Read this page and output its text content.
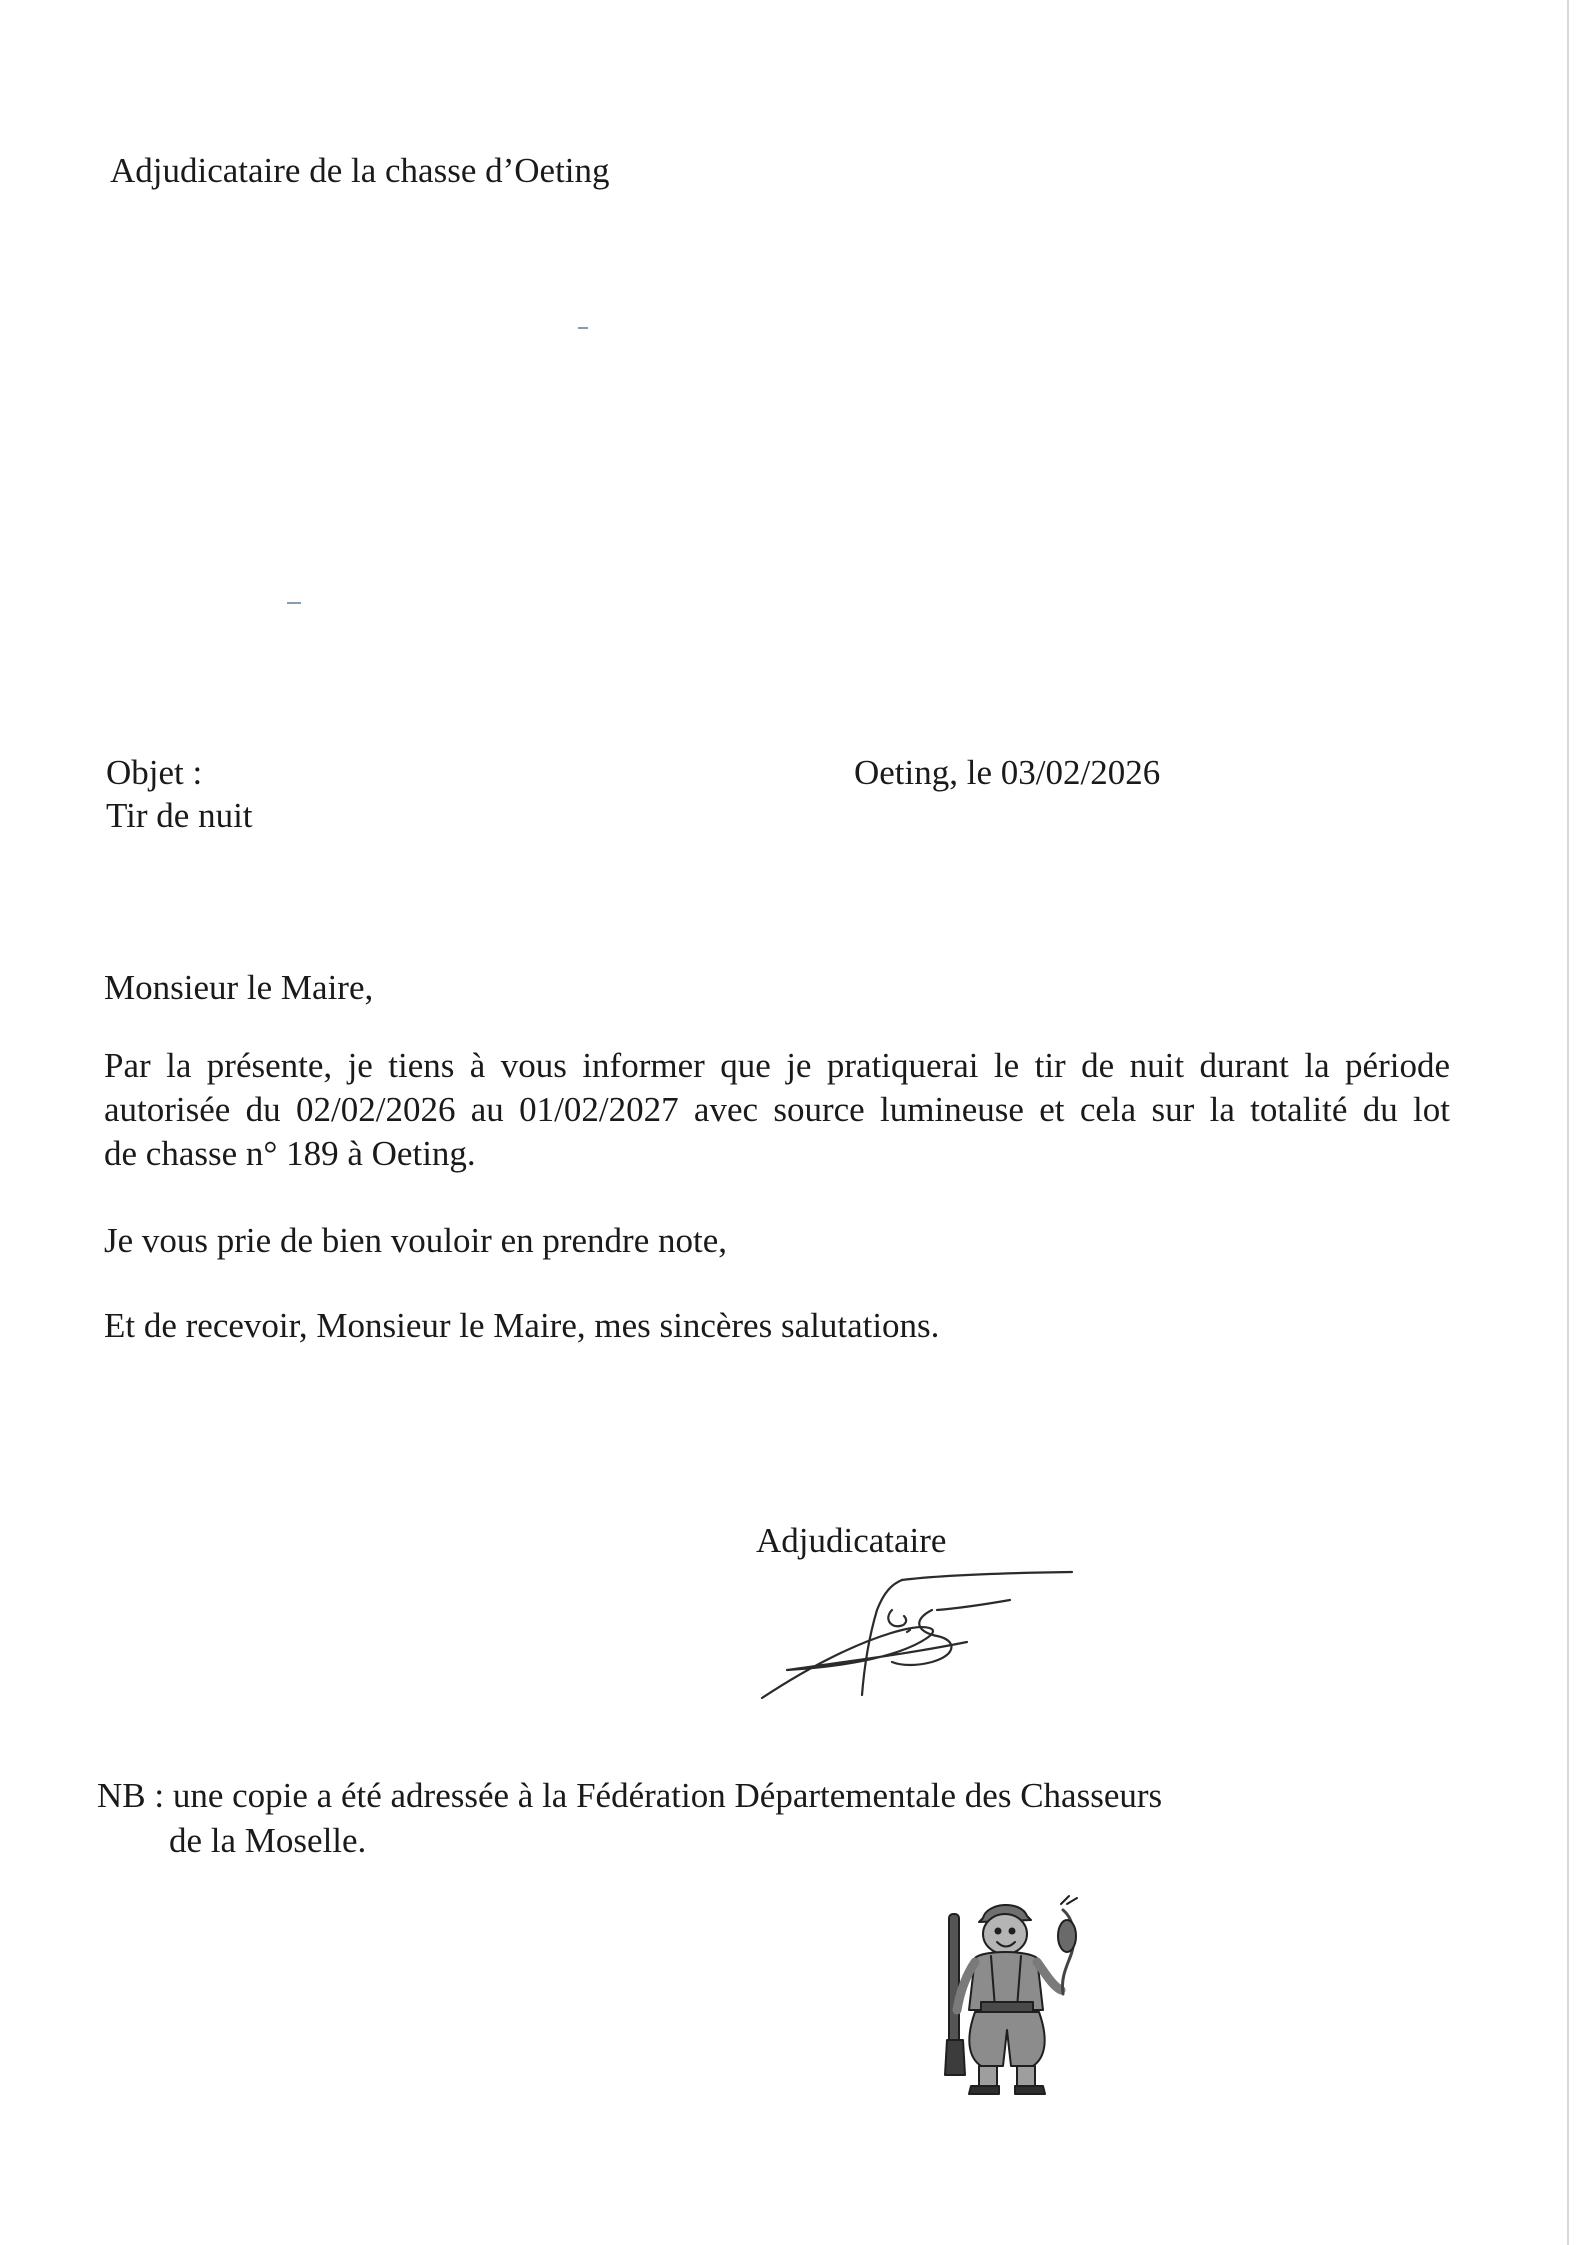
Adjudicataire de la chasse d’Oeting
Objet :
Tir de nuit
Oeting, le 03/02/2026
Monsieur le Maire,
Par la présente, je tiens à vous informer que je pratiquerai le tir de nuit durant la période
autorisée du 02/02/2026 au 01/02/2027 avec source lumineuse et cela sur la totalité du lot
de chasse n° 189 à Oeting.
Je vous prie de bien vouloir en prendre note,
Et de recevoir, Monsieur le Maire, mes sincères salutations.
Adjudicataire
NB : une copie a été adressée à la Fédération Départementale des Chasseurs
de la Moselle.
